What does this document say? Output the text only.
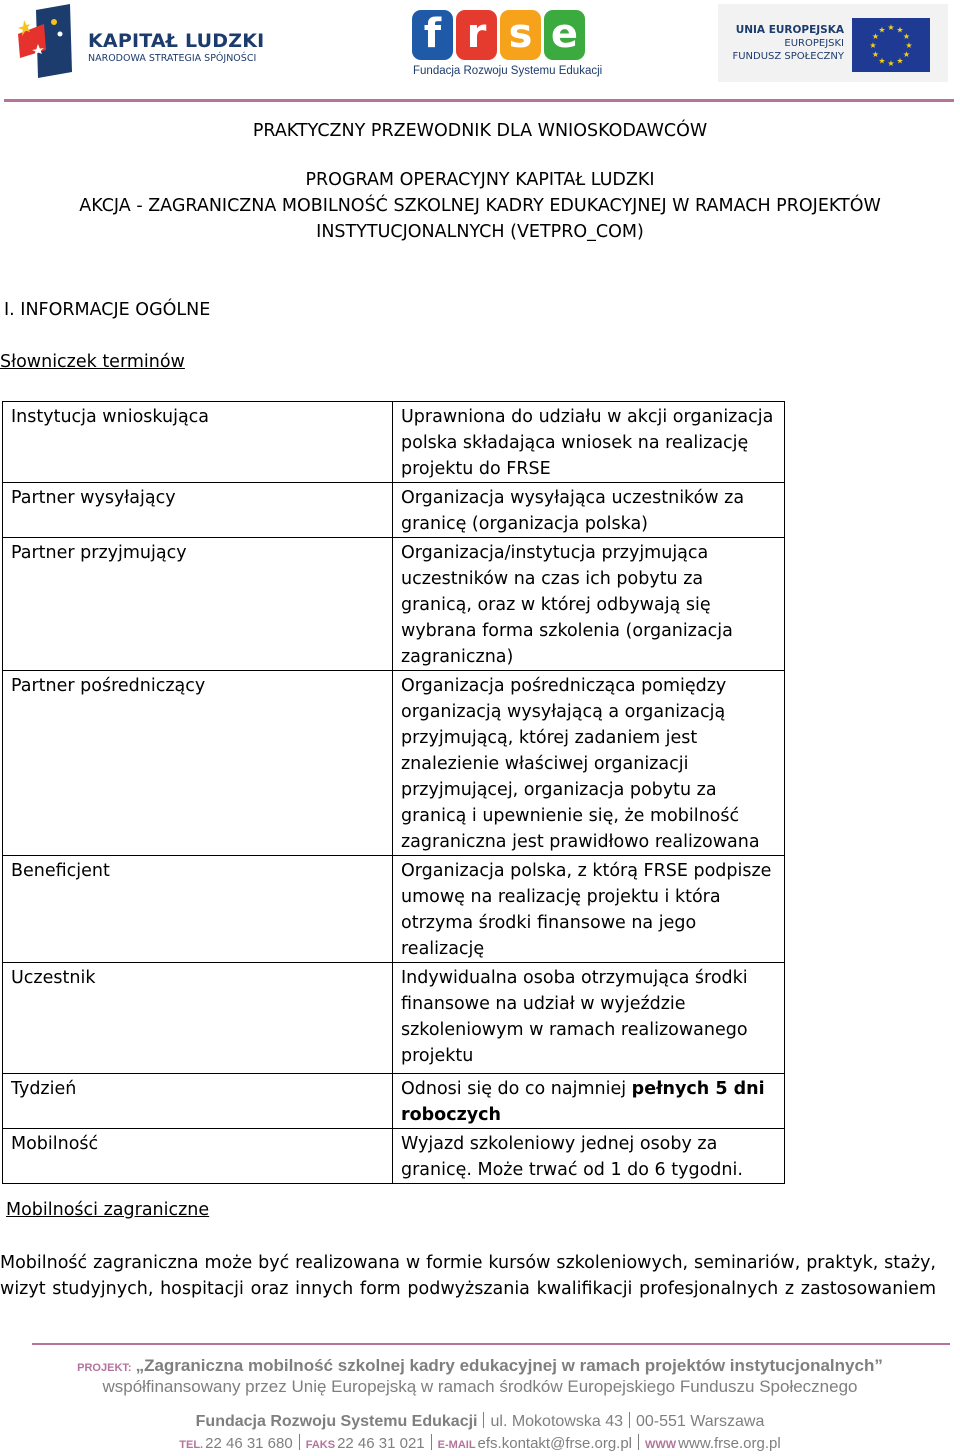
KAPITAŁ LUDZKI
NARODOWA STRATEGIA SPÓJNOŚCI
f r s e
Fundacja Rozwoju Systemu Edukacji
UNIA EUROPEJSKA
EUROPEJSKI
FUNDUSZ SPOŁECZNY
★ ★
★
★
★
★
★
★
★
★
★
★
PRAKTYCZNY PRZEWODNIK DLA WNIOSKODAWCÓW
PROGRAM OPERACYJNY KAPITAŁ LUDZKI
AKCJA - ZAGRANICZNA MOBILNOŚĆ SZKOLNEJ KADRY EDUKACYJNEJ W RAMACH PROJEKTÓW
INSTYTUCJONALNYCH (VETPRO_COM)
I. INFORMACJE OGÓLNE
Słowniczek terminów
Instytucja wnioskująca	Uprawniona do udziału w akcji organizacja polska składająca wniosek na realizację projektu do FRSE
Partner wysyłający	Organizacja wysyłająca uczestników za granicę (organizacja polska)
Partner przyjmujący	Organizacja/instytucja przyjmująca uczestników na czas ich pobytu za granicą, oraz w której odbywają się wybrana forma szkolenia (organizacja zagraniczna)
Partner pośredniczący	Organizacja pośrednicząca pomiędzy organizacją wysyłającą a organizacją przyjmującą, której zadaniem jest znalezienie właściwej organizacji przyjmującej, organizacja pobytu za granicą i upewnienie się, że mobilność zagraniczna jest prawidłowo realizowana
Beneficjent	Organizacja polska, z którą FRSE podpisze umowę na realizację projektu i która otrzyma środki finansowe na jego realizację
Uczestnik	Indywidualna osoba otrzymująca środki finansowe na udział w wyjeździe szkoleniowym w ramach realizowanego projektu
Tydzień	Odnosi się do co najmniej pełnych 5 dni roboczych
Mobilność	Wyjazd szkoleniowy jednej osoby za granicę. Może trwać od 1 do 6 tygodni.
Mobilności zagraniczne
Mobilność zagraniczna może być realizowana w formie kursów szkoleniowych, seminariów, praktyk, staży,
wizyt studyjnych, hospitacji oraz innych form podwyższania kwalifikacji profesjonalnych z zastosowaniem
PROJEKT: „Zagraniczna mobilność szkolnej kadry edukacyjnej w ramach projektów instytucjonalnych”
współfinansowany przez Unię Europejską w ramach środków Europejskiego Funduszu Społecznego
Fundacja Rozwoju Systemu Edukacji ul. Mokotowska 43 00-551 Warszawa
TEL. 22 46 31 680 FAKS 22 46 31 021 E-MAIL efs.kontakt@frse.org.pl WWW www.frse.org.pl
